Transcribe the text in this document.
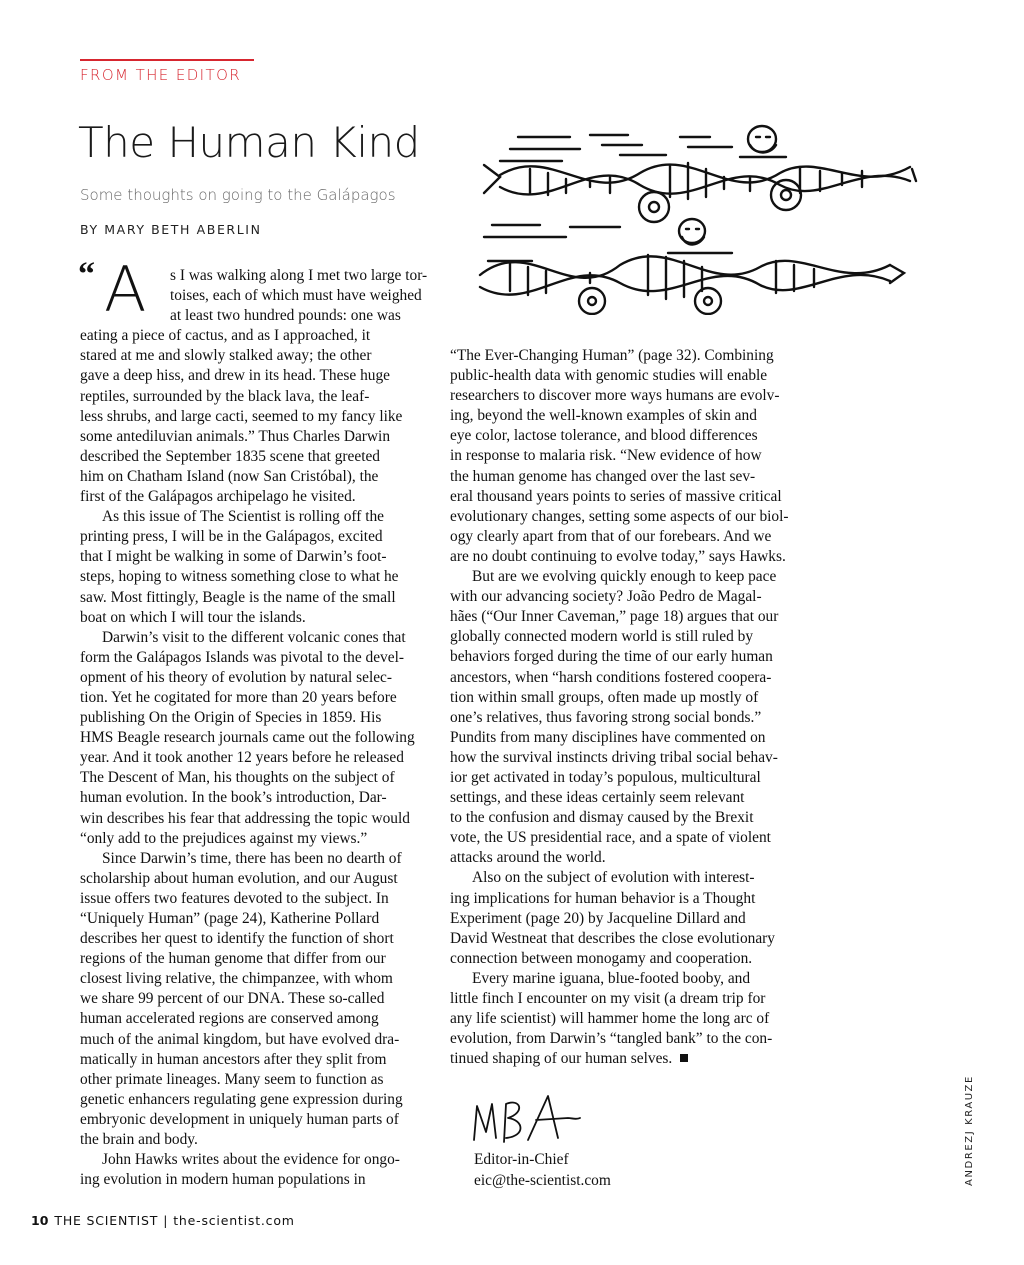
FROM THE EDITOR
The Human Kind
Some thoughts on going to the Galápagos
BY MARY BETH ABERLIN
“ A	s I was walking along I met two large tor-

toises, each of which must have weighed

at least two hundred pounds: one was

eating a piece of cactus, and as I approached, it

stared at me and slowly stalked away; the other

gave a deep hiss, and drew in its head. These huge

reptiles, surrounded by the black lava, the leaf-

less shrubs, and large cacti, seemed to my fancy like

some antediluvian animals.” Thus Charles Darwin

described the September 1835 scene that greeted

him on Chatham Island (now San Cristóbal), the

first of the Galápagos archipelago he visited.

As this issue of The Scientist is rolling off the

printing press, I will be in the Galápagos, excited

that I might be walking in some of Darwin’s foot-

steps, hoping to witness something close to what he

saw. Most fittingly, Beagle is the name of the small

boat on which I will tour the islands.

Darwin’s visit to the different volcanic cones that

form the Galápagos Islands was pivotal to the devel-

opment of his theory of evolution by natural selec-

tion. Yet he cogitated for more than 20 years before

publishing On the Origin of Species in 1859. His

HMS Beagle research journals came out the following

year. And it took another 12 years before he released

The Descent of Man, his thoughts on the subject of

human evolution. In the book’s introduction, Dar-

win describes his fear that addressing the topic would

“only add to the prejudices against my views.”

Since Darwin’s time, there has been no dearth of

scholarship about human evolution, and our August

issue offers two features devoted to the subject. In

“Uniquely Human” (page 24), Katherine Pollard

describes her quest to identify the function of short

regions of the human genome that differ from our

closest living relative, the chimpanzee, with whom

we share 99 percent of our DNA. These so-called

human accelerated regions are conserved among

much of the animal kingdom, but have evolved dra-

matically in human ancestors after they split from

other primate lineages. Many seem to function as

genetic enhancers regulating gene expression during

embryonic development in uniquely human parts of

the brain and body.

John Hawks writes about the evidence for ongo-

ing evolution in modern human populations in

“The Ever-Changing Human” (page 32). Combining

public-health data with genomic studies will enable

researchers to discover more ways humans are evolv-

ing, beyond the well-known examples of skin and

eye color, lactose tolerance, and blood differences

in response to malaria risk. “New evidence of how

the human genome has changed over the last sev-

eral thousand years points to series of massive critical

evolutionary changes, setting some aspects of our biol-

ogy clearly apart from that of our forebears. And we

are no doubt continuing to evolve today,” says Hawks.

But are we evolving quickly enough to keep pace

with our advancing society? João Pedro de Magal-

hães (“Our Inner Caveman,” page 18) argues that our

globally connected modern world is still ruled by

behaviors forged during the time of our early human

ancestors, when “harsh conditions fostered coopera-

tion within small groups, often made up mostly of

one’s relatives, thus favoring strong social bonds.”

Pundits from many disciplines have commented on

how the survival instincts driving tribal social behav-

ior get activated in today’s populous, multicultural

settings, and these ideas certainly seem relevant

to the confusion and dismay caused by the Brexit

vote, the US presidential race, and a spate of violent

attacks around the world.

Also on the subject of evolution with interest-

ing implications for human behavior is a Thought

Experiment (page 20) by Jacqueline Dillard and

David Westneat that describes the close evolutionary

connection between monogamy and cooperation.

Every marine iguana, blue-footed booby, and

little finch I encounter on my visit (a dream trip for

any life scientist) will hammer home the long arc of

evolution, from Darwin’s “tangled bank” to the con-

tinued shaping of our human selves.

Editor-in-Chief
eic@the-scientist.com	ANDREZJ KRAUZE
10 THE SCIENTIST | the-scientist.com
